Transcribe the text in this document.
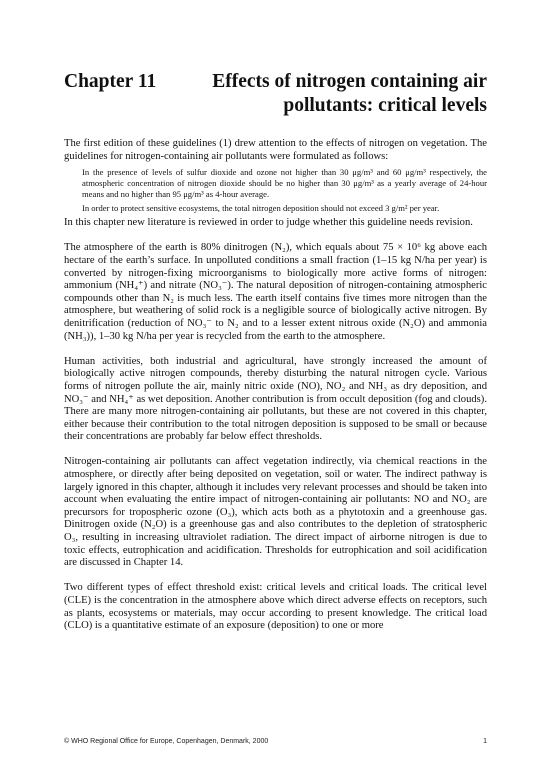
Chapter 11	Effects of nitrogen containing air pollutants: critical levels

The first edition of these guidelines (1) drew attention to the effects of nitrogen on vegetation. The guidelines for nitrogen-containing air pollutants were formulated as follows:

In the presence of levels of sulfur dioxide and ozone not higher than 30 μg/m³ and 60 μg/m³ respectively, the atmospheric concentration of nitrogen dioxide should be no higher than 30 μg/m³ as a yearly average of 24-hour means and no higher than 95 μg/m³ as 4-hour average.

In order to protect sensitive ecosystems, the total nitrogen deposition should not exceed 3 g/m² per year.

In this chapter new literature is reviewed in order to judge whether this guideline needs revision.

The atmosphere of the earth is 80% dinitrogen (N₂), which equals about 75 × 10⁶ kg above each hectare of the earth’s surface. In unpolluted conditions a small fraction (1–15 kg N/ha per year) is converted by nitrogen-fixing microorganisms to biologically more active forms of nitrogen: ammonium (NH₄⁺) and nitrate (NO₃⁻). The natural deposition of nitrogen-containing atmospheric compounds other than N₂ is much less. The earth itself contains five times more nitrogen than the atmosphere, but weathering of solid rock is a negligible source of biologically active nitrogen. By denitrification (reduction of NO₃⁻ to N₂ and to a lesser extent nitrous oxide (N₂O) and ammonia (NH₃)), 1–30 kg N/ha per year is recycled from the earth to the atmosphere.

Human activities, both industrial and agricultural, have strongly increased the amount of biologically active nitrogen compounds, thereby disturbing the natural nitrogen cycle. Various forms of nitrogen pollute the air, mainly nitric oxide (NO), NO₂ and NH₃ as dry deposition, and NO₃⁻ and NH₄⁺ as wet deposition. Another contribution is from occult deposition (fog and clouds). There are many more nitrogen-containing air pollutants, but these are not covered in this chapter, either because their contribution to the total nitrogen deposition is supposed to be small or because their concentrations are probably far below effect thresholds.

Nitrogen-containing air pollutants can affect vegetation indirectly, via chemical reactions in the atmosphere, or directly after being deposited on vegetation, soil or water. The indirect pathway is largely ignored in this chapter, although it includes very relevant processes and should be taken into account when evaluating the entire impact of nitrogen-containing air pollutants: NO and NO₂ are precursors for tropospheric ozone (O₃), which acts both as a phytotoxin and a greenhouse gas. Dinitrogen oxide (N₂O) is a greenhouse gas and also contributes to the depletion of stratospheric O₃, resulting in increasing ultraviolet radiation. The direct impact of airborne nitrogen is due to toxic effects, eutrophication and acidification. Thresholds for eutrophication and soil acidification are discussed in Chapter 14.

Two different types of effect threshold exist: critical levels and critical loads. The critical level (CLE) is the concentration in the atmosphere above which direct adverse effects on receptors, such as plants, ecosystems or materials, may occur according to present knowledge. The critical load (CLO) is a quantitative estimate of an exposure (deposition) to one or more

© WHO Regional Office for Europe, Copenhagen, Denmark, 2000	1
